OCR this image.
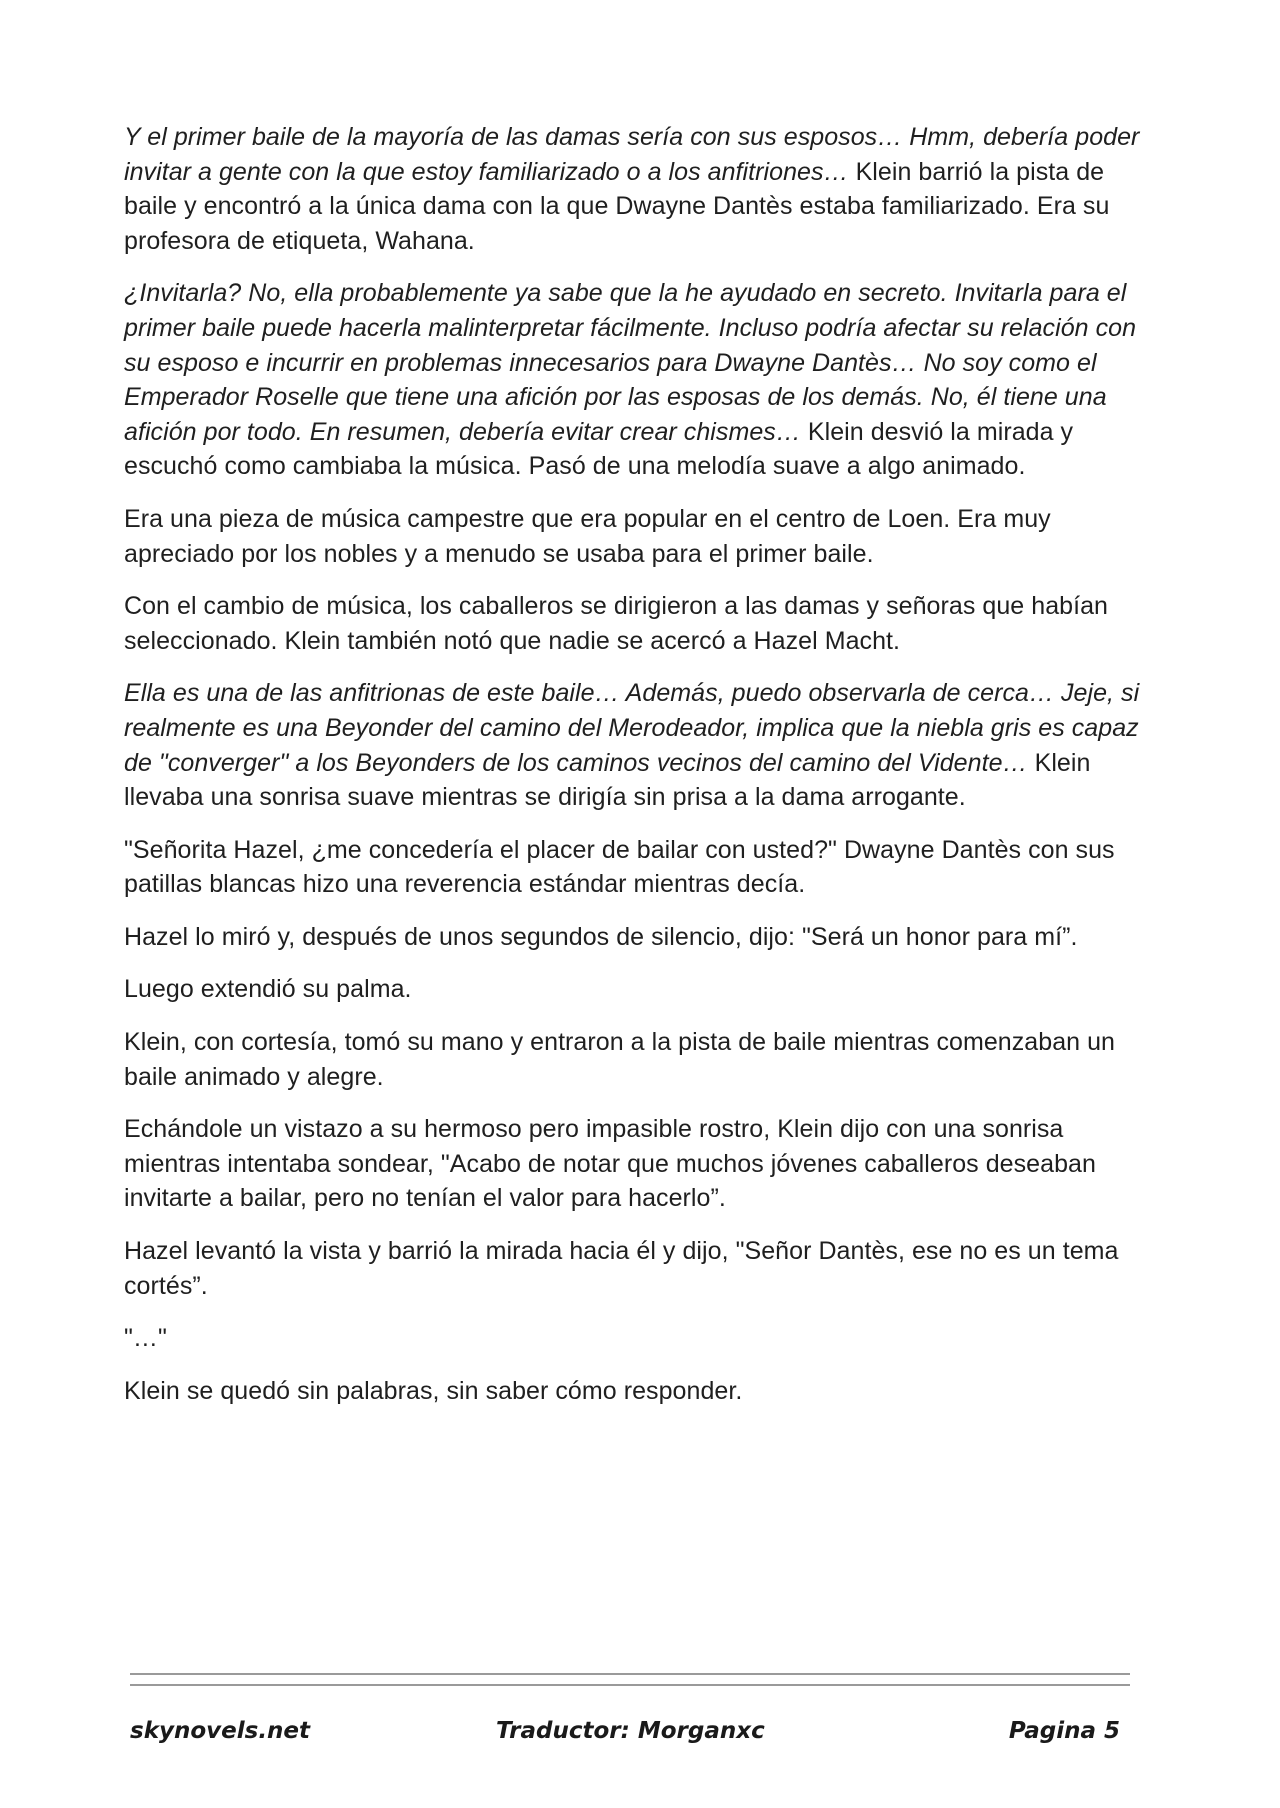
Y el primer baile de la mayoría de las damas sería con sus esposos… Hmm, debería poder invitar a gente con la que estoy familiarizado o a los anfitriones… Klein barrió la pista de baile y encontró a la única dama con la que Dwayne Dantès estaba familiarizado. Era su profesora de etiqueta, Wahana.

¿Invitarla? No, ella probablemente ya sabe que la he ayudado en secreto. Invitarla para el primer baile puede hacerla malinterpretar fácilmente. Incluso podría afectar su relación con su esposo e incurrir en problemas innecesarios para Dwayne Dantès… No soy como el Emperador Roselle que tiene una afición por las esposas de los demás. No, él tiene una afición por todo. En resumen, debería evitar crear chismes… Klein desvió la mirada y escuchó como cambiaba la música. Pasó de una melodía suave a algo animado.

Era una pieza de música campestre que era popular en el centro de Loen. Era muy apreciado por los nobles y a menudo se usaba para el primer baile.

Con el cambio de música, los caballeros se dirigieron a las damas y señoras que habían seleccionado. Klein también notó que nadie se acercó a Hazel Macht.

Ella es una de las anfitrionas de este baile… Además, puedo observarla de cerca… Jeje, si realmente es una Beyonder del camino del Merodeador, implica que la niebla gris es capaz de "converger" a los Beyonders de los caminos vecinos del camino del Vidente… Klein llevaba una sonrisa suave mientras se dirigía sin prisa a la dama arrogante.

"Señorita Hazel, ¿me concedería el placer de bailar con usted?" Dwayne Dantès con sus patillas blancas hizo una reverencia estándar mientras decía.

Hazel lo miró y, después de unos segundos de silencio, dijo: "Será un honor para mí”.

Luego extendió su palma.

Klein, con cortesía, tomó su mano y entraron a la pista de baile mientras comenzaban un baile animado y alegre.

Echándole un vistazo a su hermoso pero impasible rostro, Klein dijo con una sonrisa mientras intentaba sondear, "Acabo de notar que muchos jóvenes caballeros deseaban invitarte a bailar, pero no tenían el valor para hacerlo”.

Hazel levantó la vista y barrió la mirada hacia él y dijo, "Señor Dantès, ese no es un tema cortés”.

"…"

Klein se quedó sin palabras, sin saber cómo responder.

skynovels.net	Traductor: Morganxc	Pagina 5
